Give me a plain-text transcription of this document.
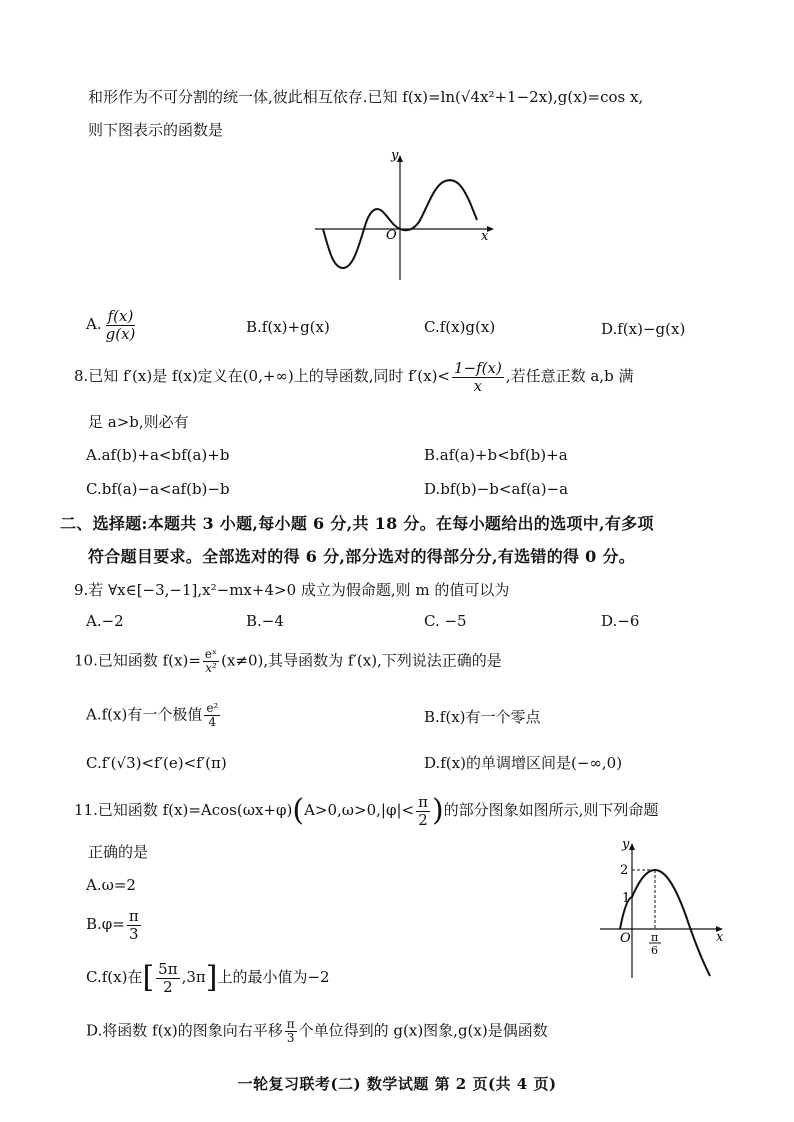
和形作为不可分割的统一体,彼此相互依存.已知 f(x)=ln(√4x²+1−2x),g(x)=cos x,
则下图表示的函数是
y
x
O
A. $\frac{f(x)}{g(x)}$	B.f(x)+g(x)	C.f(x)g(x)	D.f(x)−g(x)
8.已知 f′(x)是 f(x)定义在(0,+∞)上的导函数,同时 $f'(x)< \frac{1-f(x)}{x}$ ,若任意正数 a,b 满
足 a>b,则必有
A.af(b)+a<bf(a)+b	B.af(a)+b<bf(b)+a
C.bf(a)−a<af(b)−b	D.bf(b)−b<af(a)−a
二、选择题:本题共 3 小题,每小题 6 分,共 18 分。在每小题给出的选项中,有多项
符合题目要求。全部选对的得 6 分,部分选对的得部分分,有选错的得 0 分。
9.若 ∀x∈[−3,−1],x²−mx+4>0 成立为假命题,则 m 的值可以为
A.−2	B.−4	C. −5	D.−6
10.已知函数 $f(x)= \frac{\text{eˣ}}{\text{x²}} (x\ne 0)$,其导函数为 f′(x),下列说法正确的是
A.f(x)有一个极值 $\frac{\text{e²}}{4}$	B.f(x)有一个零点
C.f′(√3)<f′(e)<f′(π)	D.f(x)的单调增区间是(−∞,0)
11.已知函数 $f(x)=Acos(\omega x+\varphi)(A>0,\omega>0,|\varphi|< \frac{\pi}{2}$ )的部分图象如图所示,则下列命题
正确的是
A.ω=2
$B.\varphi= \frac{\pi}{3}$
C.f(x)在[ $\frac{5\pi}{2} ,3\pi$]上的最小值为−2
D.将函数 f(x)的图象向右平移 $\frac{\pi}{3}$ 个单位得到的 g(x)图象,g(x)是偶函数
y
x
O
2
1
π
6
一轮复习联考(二) 数学试题 第 2 页(共 4 页)
